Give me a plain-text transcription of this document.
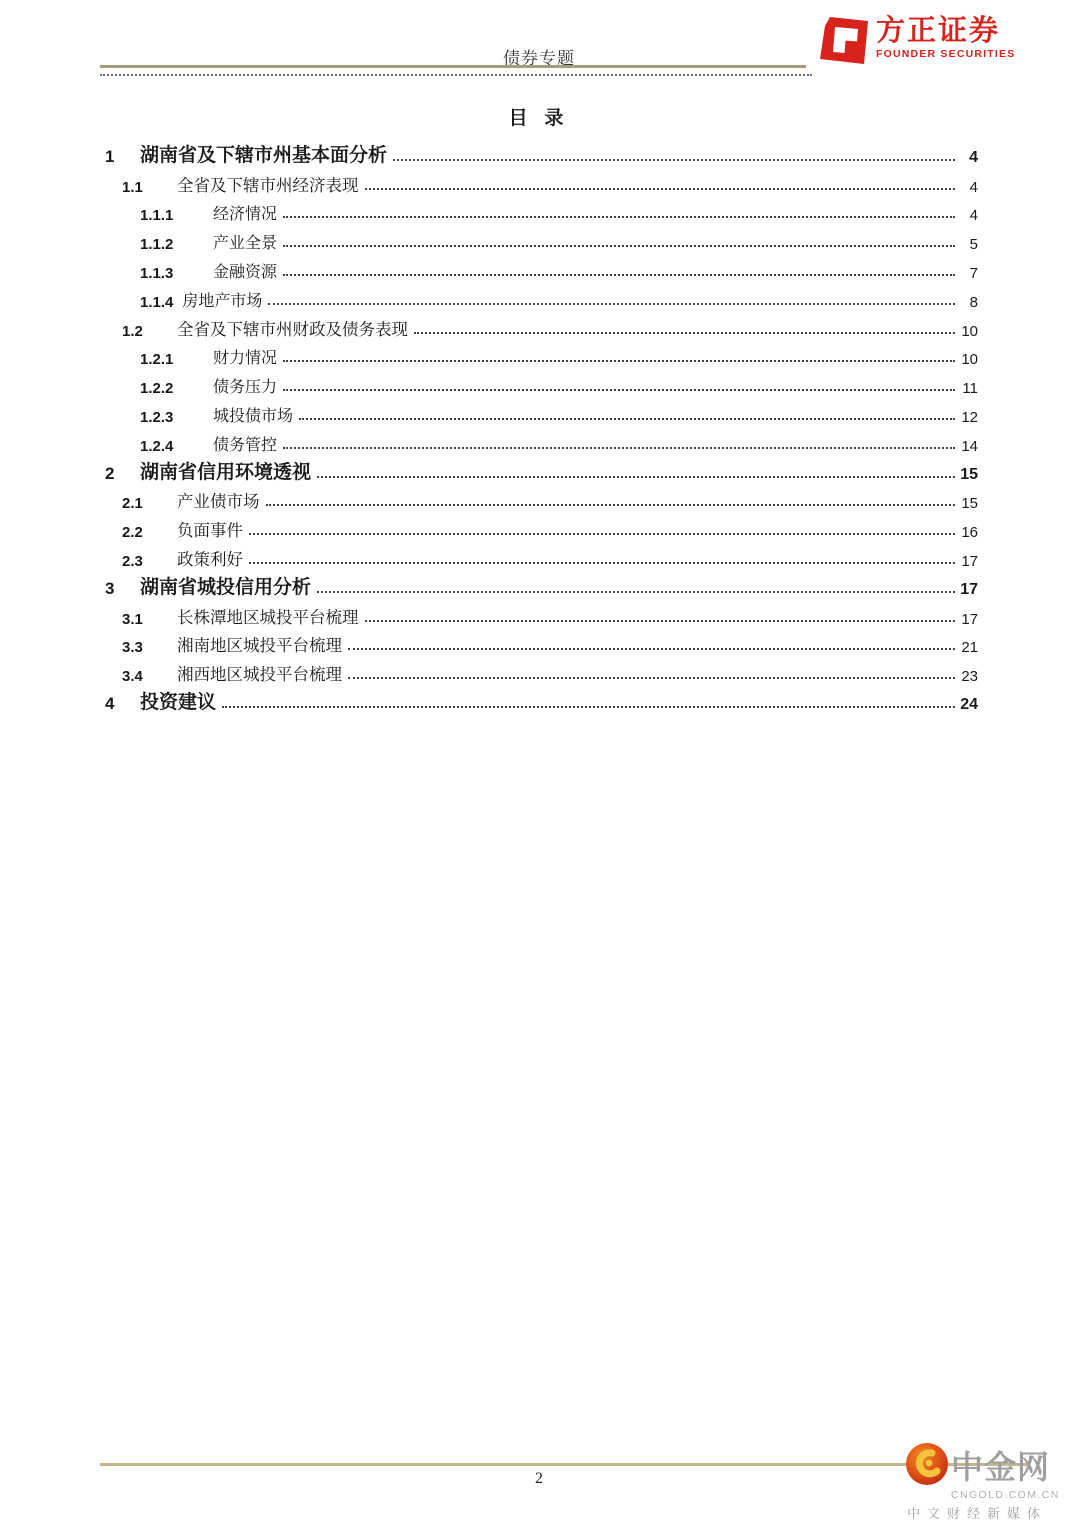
债券专题
方正证券
FOUNDER SECURITIES
目 录
1	湖南省及下辖市州基本面分析	4
1.1	全省及下辖市州经济表现	4
1.1.1	经济情况	4
1.1.2	产业全景	5
1.1.3	金融资源	7
1.1.4 房地产市场	8
1.2	全省及下辖市州财政及债务表现	10
1.2.1	财力情况	10
1.2.2	债务压力	11
1.2.3	城投债市场	12
1.2.4	债务管控	14
2	湖南省信用环境透视	15
2.1	产业债市场	15
2.2	负面事件	16
2.3	政策利好	17
3	湖南省城投信用分析	17
3.1	长株潭地区城投平台梳理	17
3.3	湘南地区城投平台梳理	21
3.4	湘西地区城投平台梳理	23
4	投资建议	24
2	中金网
CNGOLD.COM.CN
中文财经新媒体
